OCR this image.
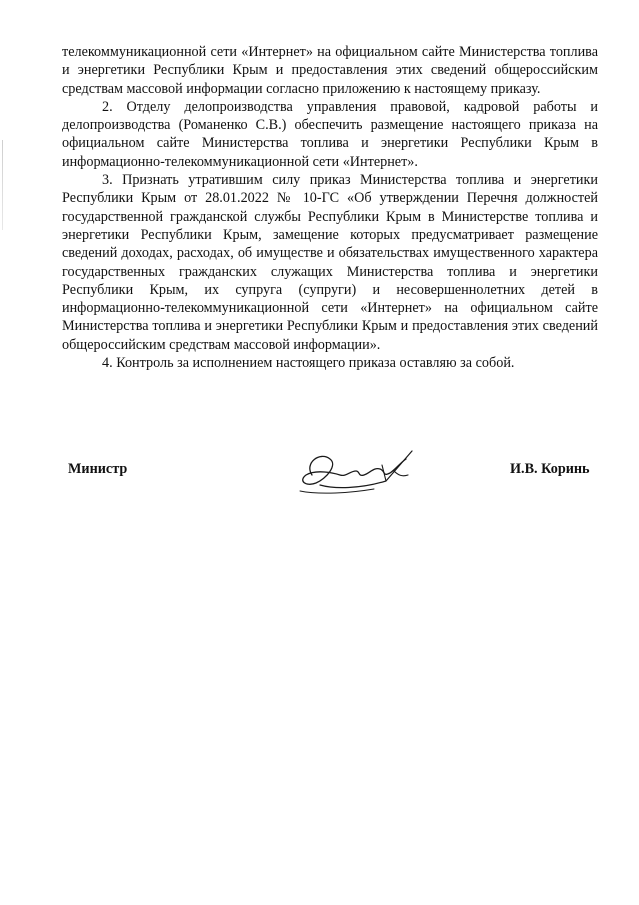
телекоммуникационной сети «Интернет» на официальном сайте Министерства топлива и энергетики Республики Крым и предоставления этих сведений общероссийским средствам массовой информации согласно приложению к настоящему приказу.

2. Отделу делопроизводства управления правовой, кадровой работы и делопроизводства (Романенко С.В.) обеспечить размещение настоящего приказа на официальном сайте Министерства топлива и энергетики Республики Крым в информационно-телекоммуникационной сети «Интернет».

3. Признать утратившим силу приказ Министерства топлива и энергетики Республики Крым от 28.01.2022 № 10-ГС «Об утверждении Перечня должностей государственной гражданской службы Республики Крым в Министерстве топлива и энергетики Республики Крым, замещение которых предусматривает размещение сведений доходах, расходах, об имуществе и обязательствах имущественного характера государственных гражданских служащих Министерства топлива и энергетики Республики Крым, их супруга (супруги) и несовершеннолетних детей в информационно-телекоммуникационной сети «Интернет» на официальном сайте Министерства топлива и энергетики Республики Крым и предоставления этих сведений общероссийским средствам массовой информации».

4. Контроль за исполнением настоящего приказа оставляю за собой.

Министр	И.В. Коринь
